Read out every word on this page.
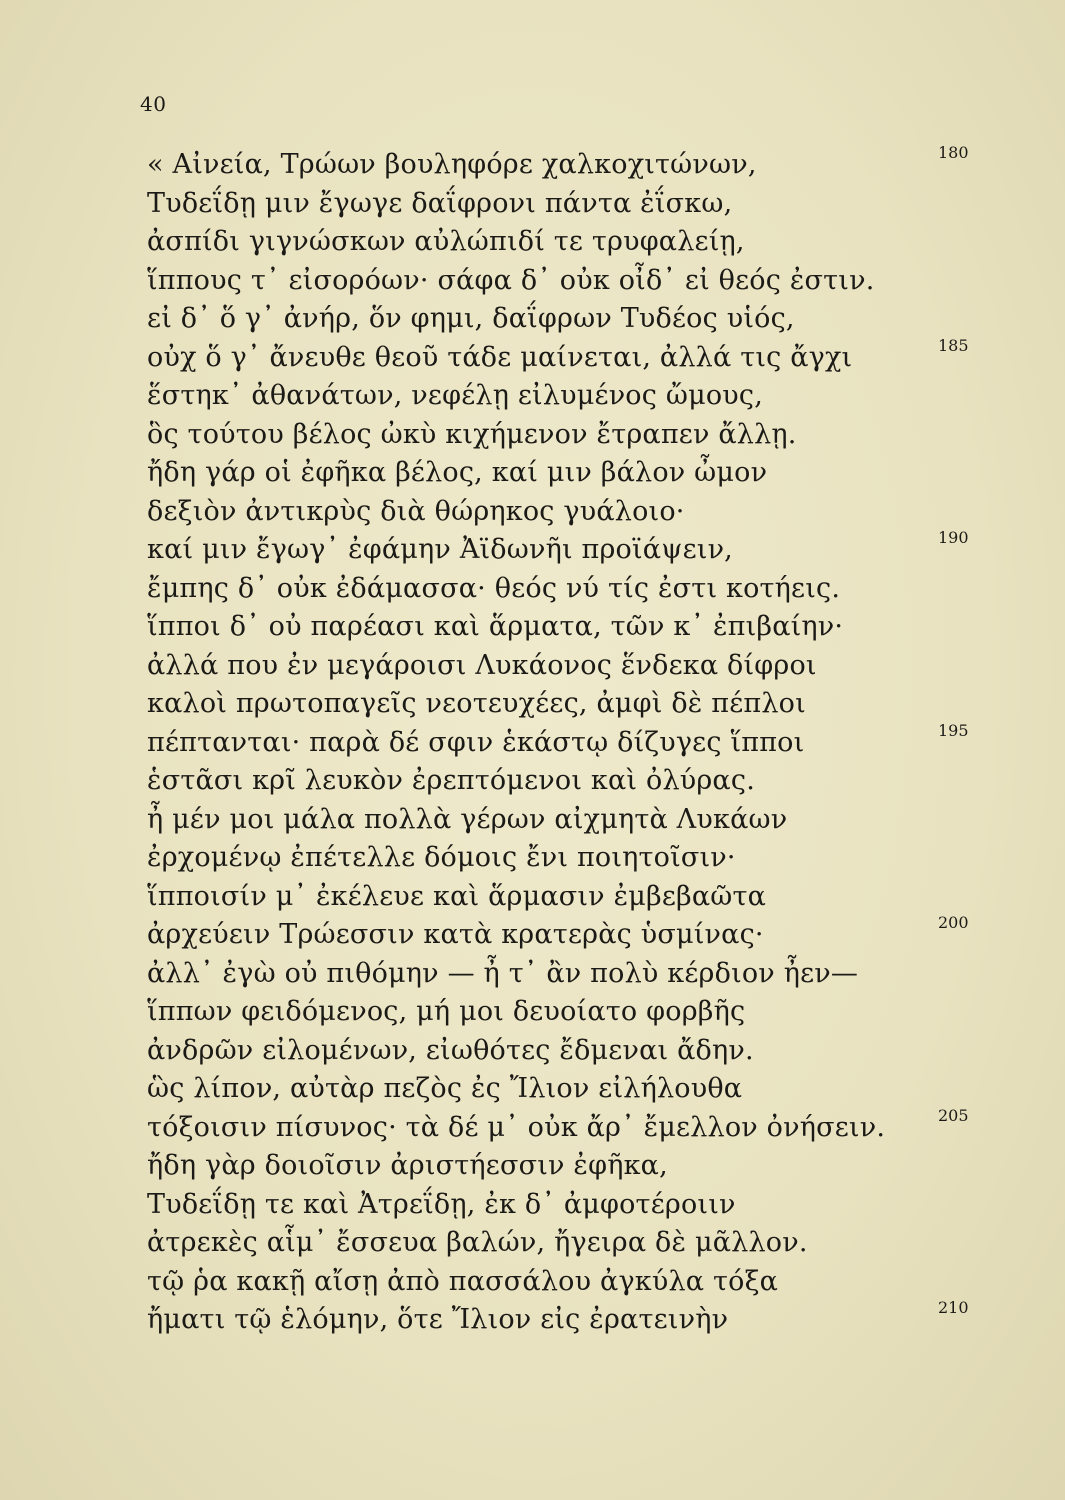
40
« Αἰνεία, Τρώων βουληφόρε χαλκοχιτώνων,	180
Τυδεΐδῃ μιν ἔγωγε δαΐφρονι πάντα ἐΐσκω,
ἀσπίδι γιγνώσκων αὐλώπιδί τε τρυφαλείῃ,
ἵππους τ᾽ εἰσορόων· σάφα δ᾽ οὐκ οἶδ᾽ εἰ θεός ἐστιν.
εἰ δ᾽ ὅ γ᾽ ἀνήρ, ὅν φημι, δαΐφρων Τυδέος υἱός,
οὐχ ὅ γ᾽ ἄνευθε θεοῦ τάδε μαίνεται, ἀλλά τις ἄγχι	185
ἕστηκ᾽ ἀθανάτων, νεφέλῃ εἰλυμένος ὤμους,
ὃς τούτου βέλος ὠκὺ κιχήμενον ἔτραπεν ἄλλῃ.
ἤδη γάρ οἱ ἐφῆκα βέλος, καί μιν βάλον ὦμον
δεξιὸν ἀντικρὺς διὰ θώρηκος γυάλοιο·
καί μιν ἔγωγ᾽ ἐφάμην Ἀϊδωνῆι προϊάψειν,	190
ἔμπης δ᾽ οὐκ ἐδάμασσα· θεός νύ τίς ἐστι κοτήεις.
ἵπποι δ᾽ οὐ παρέασι καὶ ἅρματα, τῶν κ᾽ ἐπιβαίην·
ἀλλά που ἐν μεγάροισι Λυκάονος ἕνδεκα δίφροι
καλοὶ πρωτοπαγεῖς νεοτευχέες, ἀμφὶ δὲ πέπλοι
πέπτανται· παρὰ δέ σφιν ἑκάστῳ δίζυγες ἵπποι	195
ἑστᾶσι κρῖ λευκὸν ἐρεπτόμενοι καὶ ὀλύρας.
ἦ μέν μοι μάλα πολλὰ γέρων αἰχμητὰ Λυκάων
ἐρχομένῳ ἐπέτελλε δόμοις ἔνι ποιητοῖσιν·
ἵπποισίν μ᾽ ἐκέλευε καὶ ἅρμασιν ἐμβεβαῶτα
ἀρχεύειν Τρώεσσιν κατὰ κρατερὰς ὑσμίνας·	200
ἀλλ᾽ ἐγὼ οὐ πιθόμην — ἦ τ᾽ ἂν πολὺ κέρδιον ἦεν—
ἵππων φειδόμενος, μή μοι δευοίατο φορβῆς
ἀνδρῶν εἰλομένων, εἰωθότες ἔδμεναι ἄδην.
ὣς λίπον, αὐτὰρ πεζὸς ἐς Ἴλιον εἰλήλουθα
τόξοισιν πίσυνος· τὰ δέ μ᾽ οὐκ ἄρ᾽ ἔμελλον ὀνήσειν.	205
ἤδη γὰρ δοιοῖσιν ἀριστήεσσιν ἐφῆκα,
Τυδεΐδῃ τε καὶ Ἀτρεΐδῃ, ἐκ δ᾽ ἀμφοτέροιιν
ἀτρεκὲς αἷμ᾽ ἔσσευα βαλών, ἤγειρα δὲ μᾶλλον.
τῷ ῥα κακῇ αἴσῃ ἀπὸ πασσάλου ἀγκύλα τόξα
ἤματι τῷ ἑλόμην, ὅτε Ἴλιον εἰς ἐρατεινὴν	210
